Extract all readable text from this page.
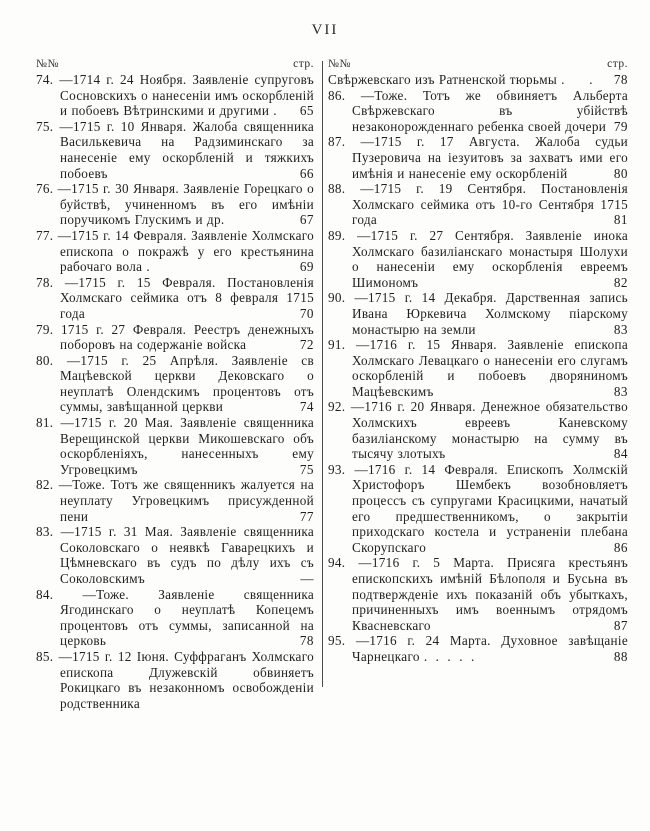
VII
№№	стр.
74. —1714 г. 24 Ноября. Заявленіе супруговъ Сосновскихъ о нанесеніи имъ оскорбленій и побоевъ Вѣтринскими и другими .	65
75. —1715 г. 10 Января. Жалоба священника Василькевича на Радзиминскаго за нанесеніе ему оскорбленій и тяжкихъ побоевъ	66
76. —1715 г. 30 Января. Заявленіе Горецкаго о буйствѣ, учиненномъ въ его имѣніи поручикомъ Глускимъ и др.	67
77. —1715 г. 14 Февраля. Заявленіе Холмскаго епископа о покражѣ у его крестьянина рабочаго вола .	69
78. —1715 г. 15 Февраля. Постановленія Холмскаго сеймика отъ 8 февраля 1715 года	70
79. 1715 г. 27 Февраля. Реестръ денежныхъ поборовъ на содержаніе войска	72
80. —1715 г. 25 Апрѣля. Заявленіе св Мацѣевской церкви Дековскаго о неуплатѣ Олендскимъ процентовъ отъ суммы, завѣщанной церкви	74
81. —1715 г. 20 Мая. Заявленіе священника Верещинской церкви Микошевскаго объ оскорбленіяхъ, нанесенныхъ ему Угровецкимъ	75
82. —Тоже. Тотъ же священникъ жалуется на неуплату Угровецкимъ присужденной пени	77
83. —1715 г. 31 Мая. Заявленіе священника Соколовскаго о неявкѣ Гаварецкихъ и Цѣмневскаго въ судъ по дѣлу ихъ съ Соколовскимъ	—
84. —Тоже. Заявленіе священника Ягодинскаго о неуплатѣ Копецемъ процентовъ отъ суммы, записанной на церковь	78
85. —1715 г. 12 Іюня. Суффраганъ Холмскаго епископа Длужевскій обвиняетъ Рокицкаго въ незаконномъ освобожденіи родственника
№№	стр.
Свѣржевскаго изъ Ратненской тюрьмы .      .	78
86. —Тоже. Тотъ же обвиняетъ Альберта Свѣржевскаго въ убійствѣ незаконорожденнаго ребенка своей дочери 79
87. —1715 г. 17 Августа. Жалоба судьи Пузеровича на іезуитовъ за захватъ ими его имѣнія и нанесеніе ему оскорбленій	80
88. —1715 г. 19 Сентября. Постановленія Холмскаго сеймика отъ 10-го Сентября 1715 года	81
89. —1715 г. 27 Сентября. Заявленіе инока Холмскаго базиліанскаго монастыря Шолухи о нанесеніи ему оскорбленія евреемъ Шимономъ	82
90. —1715 г. 14 Декабря. Дарственная запись Ивана Юркевича Холмскому піарскому монастырю на земли	83
91. —1716 г. 15 Января. Заявленіе епископа Холмскаго Левацкаго о нанесеніи его слугамъ оскорбленій и побоевъ дворяниномъ Мацѣевскимъ	83
92. —1716 г. 20 Января. Денежное обязательство Холмскихъ евреевъ Каневскому базиліанскому монастырю на сумму въ тысячу злотыхъ	84
93. —1716 г. 14 Февраля. Епископъ Холмскій Христофоръ Шембекъ возобновляетъ процессъ съ супругами Красицкими, начатый его предшественникомъ, о закрытіи приходскаго костела и устраненіи плебана Скорупскаго	86
94. —1716 г. 5 Марта. Присяга крестьянъ епископскихъ имѣній Бѣлополя и Бусьна въ подтвержденіе ихъ показаній объ убыткахъ, причиненныхъ имъ военнымъ отрядомъ Квасневскаго	87
95. —1716 г. 24 Марта. Духовное завѣщаніе Чарнецкаго .  .  .  .  .	88
